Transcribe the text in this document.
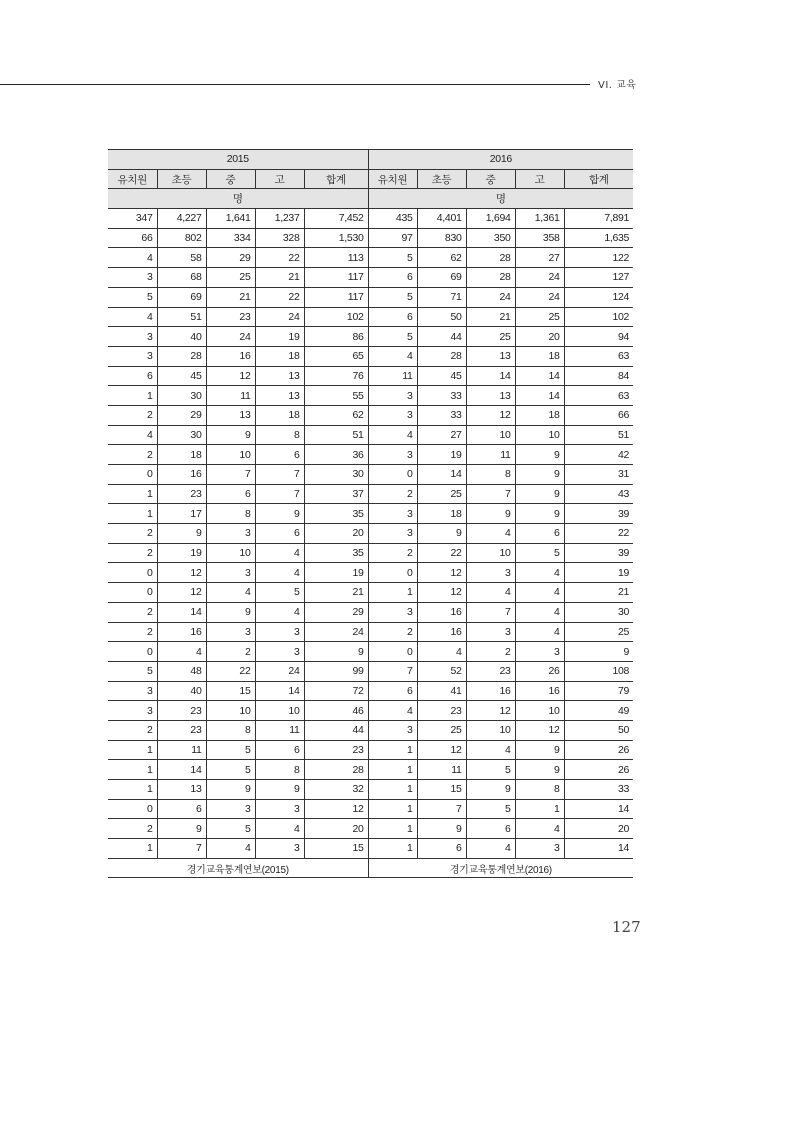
VI. 교육
2015					2016				
유치원	초등	중	고	합계	유치원	초등	중	고	합계
명					명				
347	4,227	1,641	1,237	7,452	435	4,401	1,694	1,361	7,891
66	802	334	328	1,530	97	830	350	358	1,635
4	58	29	22	113	5	62	28	27	122
3	68	25	21	117	6	69	28	24	127
5	69	21	22	117	5	71	24	24	124
4	51	23	24	102	6	50	21	25	102
3	40	24	19	86	5	44	25	20	94
3	28	16	18	65	4	28	13	18	63
6	45	12	13	76	11	45	14	14	84
1	30	11	13	55	3	33	13	14	63
2	29	13	18	62	3	33	12	18	66
4	30	9	8	51	4	27	10	10	51
2	18	10	6	36	3	19	11	9	42
0	16	7	7	30	0	14	8	9	31
1	23	6	7	37	2	25	7	9	43
1	17	8	9	35	3	18	9	9	39
2	9	3	6	20	3	9	4	6	22
2	19	10	4	35	2	22	10	5	39
0	12	3	4	19	0	12	3	4	19
0	12	4	5	21	1	12	4	4	21
2	14	9	4	29	3	16	7	4	30
2	16	3	3	24	2	16	3	4	25
0	4	2	3	9	0	4	2	3	9
5	48	22	24	99	7	52	23	26	108
3	40	15	14	72	6	41	16	16	79
3	23	10	10	46	4	23	12	10	49
2	23	8	11	44	3	25	10	12	50
1	11	5	6	23	1	12	4	9	26
1	14	5	8	28	1	11	5	9	26
1	13	9	9	32	1	15	9	8	33
0	6	3	3	12	1	7	5	1	14
2	9	5	4	20	1	9	6	4	20
1	7	4	3	15	1	6	4	3	14
경기교육통계연보(2015)					경기교육통계연보(2016)				
127
